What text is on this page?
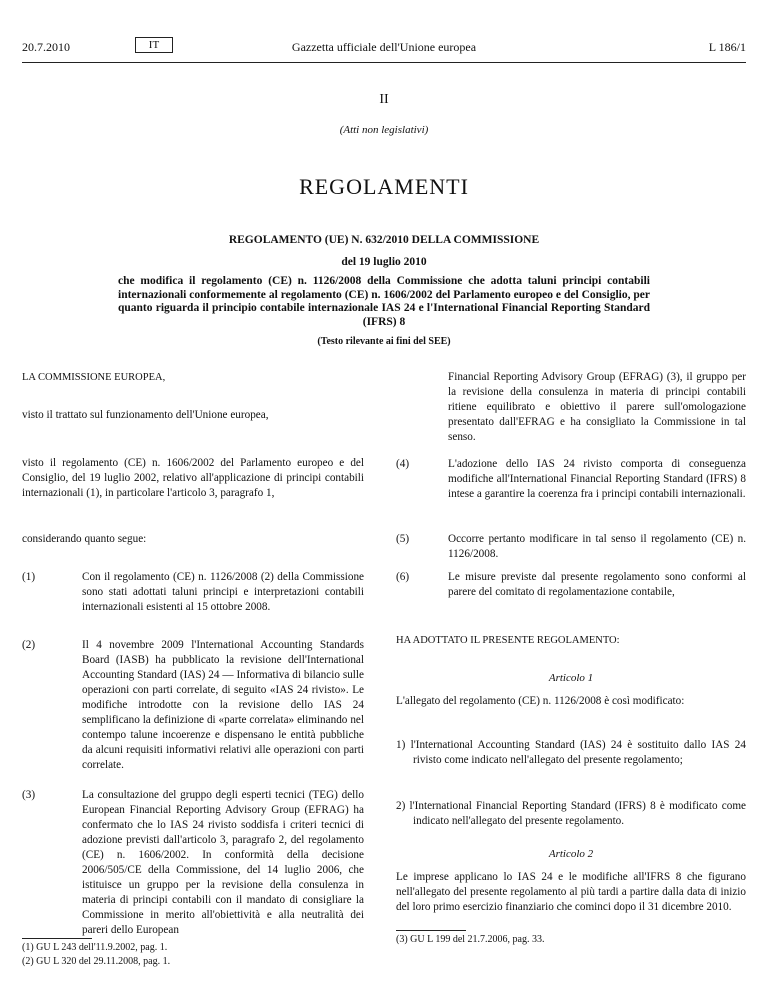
20.7.2010	IT	Gazzetta ufficiale dell'Unione europea	L 186/1
II
(Atti non legislativi)
REGOLAMENTI
REGOLAMENTO (UE) N. 632/2010 DELLA COMMISSIONE
del 19 luglio 2010
che modifica il regolamento (CE) n. 1126/2008 della Commissione che adotta taluni principi contabili internazionali conformemente al regolamento (CE) n. 1606/2002 del Parlamento europeo e del Consiglio, per quanto riguarda il principio contabile internazionale IAS 24 e l'International Financial Reporting Standard (IFRS) 8
(Testo rilevante ai fini del SEE)
LA COMMISSIONE EUROPEA,
visto il trattato sul funzionamento dell'Unione europea,
visto il regolamento (CE) n. 1606/2002 del Parlamento europeo e del Consiglio, del 19 luglio 2002, relativo all'applicazione di principi contabili internazionali (1), in particolare l'articolo 3, paragrafo 1,
considerando quanto segue:
(1)	Con il regolamento (CE) n. 1126/2008 (2) della Commissione sono stati adottati taluni principi e interpretazioni contabili internazionali esistenti al 15 ottobre 2008.
(2)	Il 4 novembre 2009 l'International Accounting Standards Board (IASB) ha pubblicato la revisione dell'International Accounting Standard (IAS) 24 — Informativa di bilancio sulle operazioni con parti correlate, di seguito «IAS 24 rivisto». Le modifiche introdotte con la revisione dello IAS 24 semplificano la definizione di «parte correlata» eliminando nel contempo talune incoerenze e dispensano le entità pubbliche da alcuni requisiti informativi relativi alle operazioni con parti correlate.
(3)	La consultazione del gruppo degli esperti tecnici (TEG) dello European Financial Reporting Advisory Group (EFRAG) ha confermato che lo IAS 24 rivisto soddisfa i criteri tecnici di adozione previsti dall'articolo 3, paragrafo 2, del regolamento (CE) n. 1606/2002. In conformità della decisione 2006/505/CE della Commissione, del 14 luglio 2006, che istituisce un gruppo per la revisione della consulenza in materia di principi contabili con il mandato di consigliare la Commissione in merito all'obiettività e alla neutralità dei pareri dello European
(1) GU L 243 dell'11.9.2002, pag. 1.
(2) GU L 320 del 29.11.2008, pag. 1.
Financial Reporting Advisory Group (EFRAG) (3), il gruppo per la revisione della consulenza in materia di principi contabili ritiene equilibrato e obiettivo il parere sull'omologazione presentato dall'EFRAG e ha consigliato la Commissione in tal senso.
(4)	L'adozione dello IAS 24 rivisto comporta di conseguenza modifiche all'International Financial Reporting Standard (IFRS) 8 intese a garantire la coerenza fra i principi contabili internazionali.
(5)	Occorre pertanto modificare in tal senso il regolamento (CE) n. 1126/2008.
(6)	Le misure previste dal presente regolamento sono conformi al parere del comitato di regolamentazione contabile,
HA ADOTTATO IL PRESENTE REGOLAMENTO:
Articolo 1
L'allegato del regolamento (CE) n. 1126/2008 è così modificato:
1) l'International Accounting Standard (IAS) 24 è sostituito dallo IAS 24 rivisto come indicato nell'allegato del presente regolamento;
2) l'International Financial Reporting Standard (IFRS) 8 è modificato come indicato nell'allegato del presente regolamento.
Articolo 2
Le imprese applicano lo IAS 24 e le modifiche all'IFRS 8 che figurano nell'allegato del presente regolamento al più tardi a partire dalla data di inizio del loro primo esercizio finanziario che cominci dopo il 31 dicembre 2010.
(3) GU L 199 del 21.7.2006, pag. 33.
